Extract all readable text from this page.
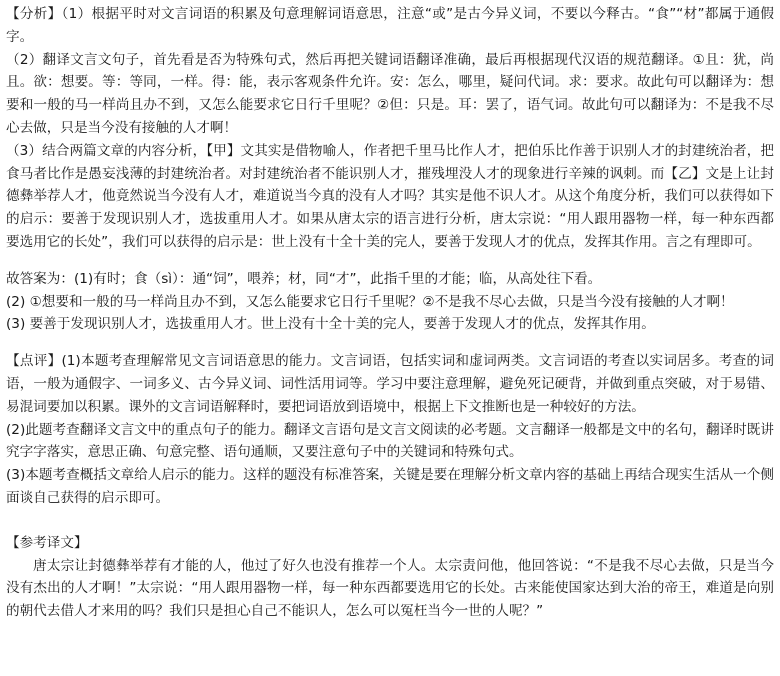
【分析】（1）根据平时对文言词语的积累及句意理解词语意思，注意“或”是古今异义词，不要以今释古。“食”“材”都属于通假字。

（2）翻译文言文句子，首先看是否为特殊句式，然后再把关键词语翻译准确，最后再根据现代汉语的规范翻译。①且：犹，尚且。欲：想要。等：等同，一样。得：能，表示客观条件允许。安：怎么，哪里，疑问代词。求：要求。故此句可以翻译为：想要和一般的马一样尚且办不到，又怎么能要求它日行千里呢？②但：只是。耳：罢了，语气词。故此句可以翻译为：不是我不尽心去做，只是当今没有接触的人才啊！

（3）结合两篇文章的内容分析，【甲】文其实是借物喻人，作者把千里马比作人才，把伯乐比作善于识别人才的封建统治者，把食马者比作是愚妄浅薄的封建统治者。对封建统治者不能识别人才，摧残埋没人才的现象进行辛辣的讽刺。而【乙】文是上让封德彝举荐人才，他竟然说当今没有人才，难道说当今真的没有人才吗？其实是他不识人才。从这个角度分析，我们可以获得如下的启示：要善于发现识别人才，选拔重用人才。如果从唐太宗的语言进行分析，唐太宗说：“用人跟用器物一样，每一种东西都要选用它的长处”，我们可以获得的启示是：世上没有十全十美的完人，要善于发现人才的优点，发挥其作用。言之有理即可。

故答案为：(1)有时；食（sì）：通“饲”，喂养；材，同“才”，此指千里的才能；临，从高处往下看。

(2) ①想要和一般的马一样尚且办不到，又怎么能要求它日行千里呢？②不是我不尽心去做，只是当今没有接触的人才啊！

(3) 要善于发现识别人才，选拔重用人才。世上没有十全十美的完人，要善于发现人才的优点，发挥其作用。

【点评】(1)本题考查理解常见文言词语意思的能力。文言词语，包括实词和虚词两类。文言词语的考查以实词居多。考查的词语，一般为通假字、一词多义、古今异义词、词性活用词等。学习中要注意理解，避免死记硬背，并做到重点突破，对于易错、易混词要加以积累。课外的文言词语解释时，要把词语放到语境中，根据上下文推断也是一种较好的方法。

(2)此题考查翻译文言文中的重点句子的能力。翻译文言语句是文言文阅读的必考题。文言翻译一般都是文中的名句，翻译时既讲究字字落实，意思正确、句意完整、语句通顺，又要注意句子中的关键词和特殊句式。

(3)本题考查概括文章给人启示的能力。这样的题没有标准答案，关键是要在理解分析文章内容的基础上再结合现实生活从一个侧面谈自己获得的启示即可。

【参考译文】

唐太宗让封德彝举荐有才能的人，他过了好久也没有推荐一个人。太宗责问他，他回答说：“不是我不尽心去做，只是当今没有杰出的人才啊！”太宗说：“用人跟用器物一样，每一种东西都要选用它的长处。古来能使国家达到大治的帝王，难道是向别的朝代去借人才来用的吗？我们只是担心自己不能识人，怎么可以冤枉当今一世的人呢？”
